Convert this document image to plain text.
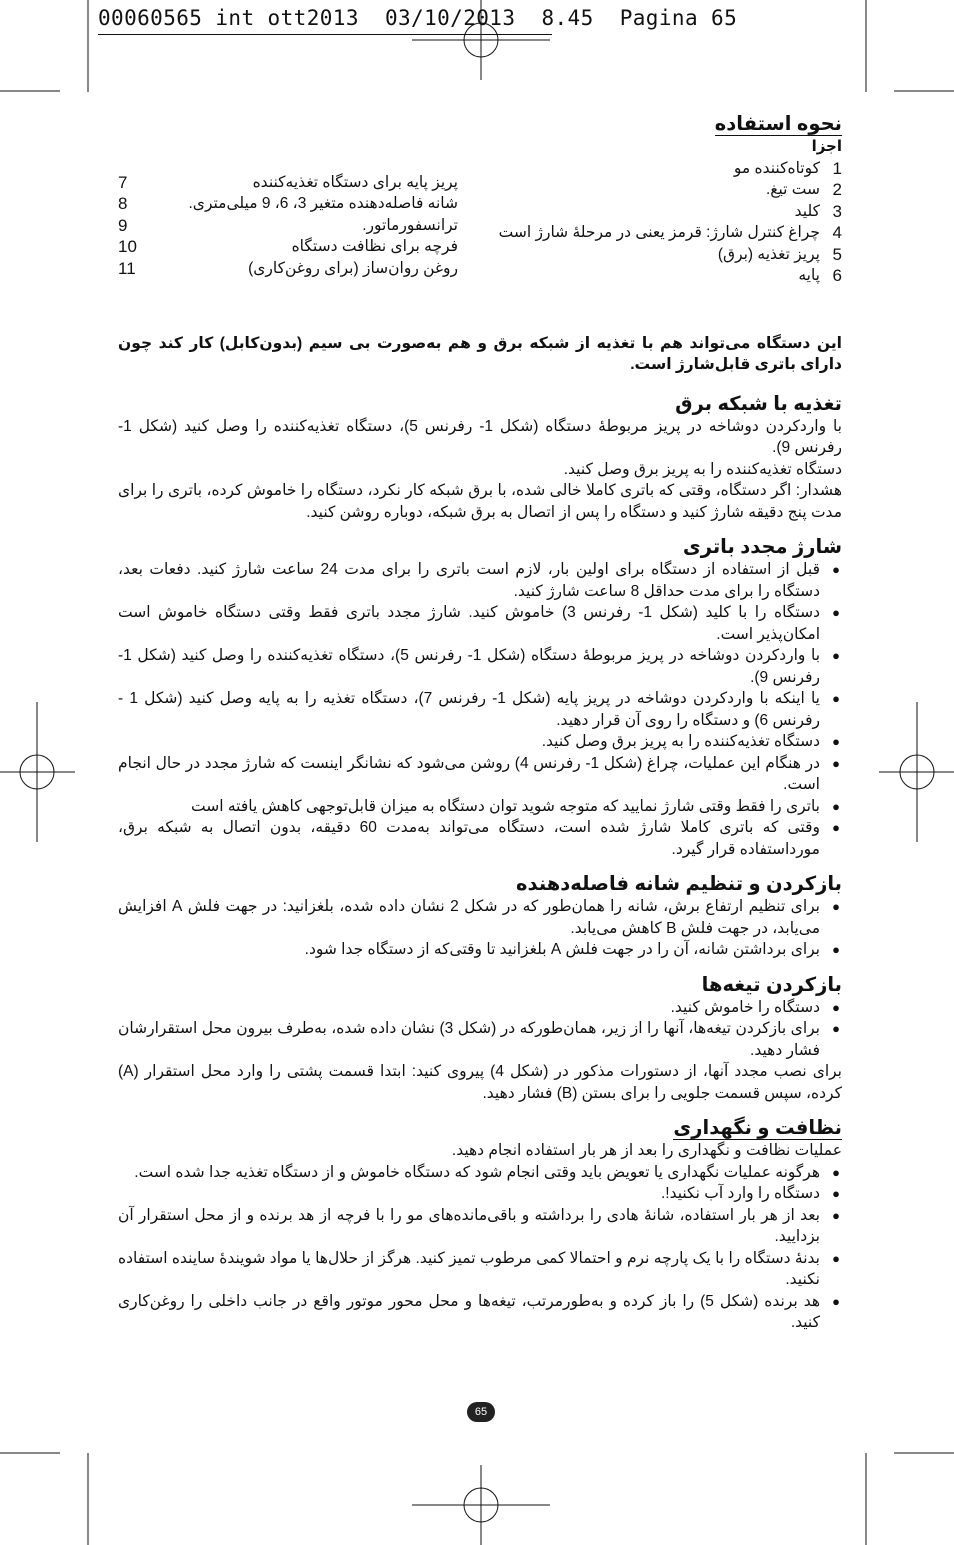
00060565 int ott2013  03/10/2013  8.45  Pagina 65
نحوه استفاده
اجزا
1
کوتاه‌کننده مو
2
ست تیغ.
3
کلید
4
چراغ کنترل شارژ: قرمز یعنی در مرحلهٔ شارژ است
5
پریز تغذیه (برق)
6
پایه
پریز پایه برای دستگاه تغذیه‌کننده
7
شانه فاصله‌دهنده متغیر 3، 6، 9 میلی‌متری.
8
ترانسفورماتور.
9
فرچه برای نظافت دستگاه
10
روغن روان‌ساز (برای روغن‌کاری)
11
این دستگاه می‌تواند هم با تغذیه از شبکه برق و هم به‌صورت بی سیم (بدون‌کابل) کار کند چون دارای باتری قابل‌شارژ است.
تغذیه با شبکه برق
با واردکردن دوشاخه در پریز مربوطهٔ دستگاه (شکل 1- رفرنس 5)، دستگاه تغذیه‌کننده را وصل کنید (شکل 1- رفرنس 9).
دستگاه تغذیه‌کننده را به پریز برق وصل کنید.
هشدار: اگر دستگاه، وقتی که باتری کاملا خالی شده، با برق شبکه کار نکرد، دستگاه را خاموش کرده، باتری را برای مدت پنج دقیقه شارژ کنید و دستگاه را پس از اتصال به برق شبکه، دوباره روشن کنید.
شارژ مجدد باتری
●
قبل از استفاده از دستگاه برای اولین بار، لازم است باتری را برای مدت 24 ساعت شارژ کنید. دفعات بعد، دستگاه را برای مدت حداقل 8 ساعت شارژ کنید.
●
دستگاه را با کلید (شکل 1- رفرنس 3) خاموش کنید. شارژ مجدد باتری فقط وقتی دستگاه خاموش است امکان‌پذیر است.
●
با واردکردن دوشاخه در پریز مربوطهٔ دستگاه (شکل 1- رفرنس 5)، دستگاه تغذیه‌کننده را وصل کنید (شکل 1- رفرنس 9).
●
یا اینکه با واردکردن دوشاخه در پریز پایه (شکل 1- رفرنس 7)، دستگاه تغذیه را به پایه وصل کنید (شکل 1 - رفرنس 6) و دستگاه را روی آن قرار دهید.
●
دستگاه تغذیه‌کننده را به پریز برق وصل کنید.
●
در هنگام این عملیات، چراغ (شکل 1- رفرنس 4) روشن می‌شود که نشانگر اینست که شارژ مجدد در حال انجام است.
●
باتری را فقط وقتی شارژ نمایید که متوجه شوید توان دستگاه به میزان قابل‌توجهی کاهش یافته است
●
وقتی که باتری کاملا شارژ شده است، دستگاه می‌تواند به‌مدت 60 دقیقه، بدون اتصال به شبکه برق، مورداستفاده قرار گیرد.
بازکردن و تنظیم شانه فاصله‌دهنده
●
برای تنظیم ارتفاع برش، شانه را همان‌طور که در شکل 2 نشان داده شده، بلغزانید: در جهت فلش A افزایش می‌یابد، در جهت فلش B کاهش می‌یابد.
●
برای برداشتن شانه، آن را در جهت فلش A بلغزانید تا وقتی‌که از دستگاه جدا شود.
بازکردن تیغه‌ها
●
دستگاه را خاموش کنید.
●
برای بازکردن تیغه‌ها، آنها را از زیر، همان‌طورکه در (شکل 3) نشان داده شده، به‌طرف بیرون محل استقرارشان فشار دهید.
برای نصب مجدد آنها، از دستورات مذکور در (شکل 4) پیروی کنید: ابتدا قسمت پشتی را وارد محل استقرار (A) کرده، سپس قسمت جلویی را برای بستن (B) فشار دهید.
نظافت و نگهداری
عملیات نظافت و نگهداری را بعد از هر بار استفاده انجام دهید.
●
هرگونه عملیات نگهداری یا تعویض باید وقتی انجام شود که دستگاه خاموش و از دستگاه تغذیه جدا شده است.
●
دستگاه را وارد آب نکنید!.
●
بعد از هر بار استفاده، شانهٔ هادی را برداشته و باقی‌مانده‌های مو را با فرچه از هد برنده و از محل استقرار آن بزدایید.
●
بدنهٔ دستگاه را با یک پارچه نرم و احتمالا کمی مرطوب تمیز کنید. هرگز از حلال‌ها یا مواد شویندهٔ ساینده استفاده نکنید.
●
هد برنده (شکل 5) را باز کرده و به‌طورمرتب، تیغه‌ها و محل محور موتور واقع در جانب داخلی را روغن‌کاری کنید.
65
